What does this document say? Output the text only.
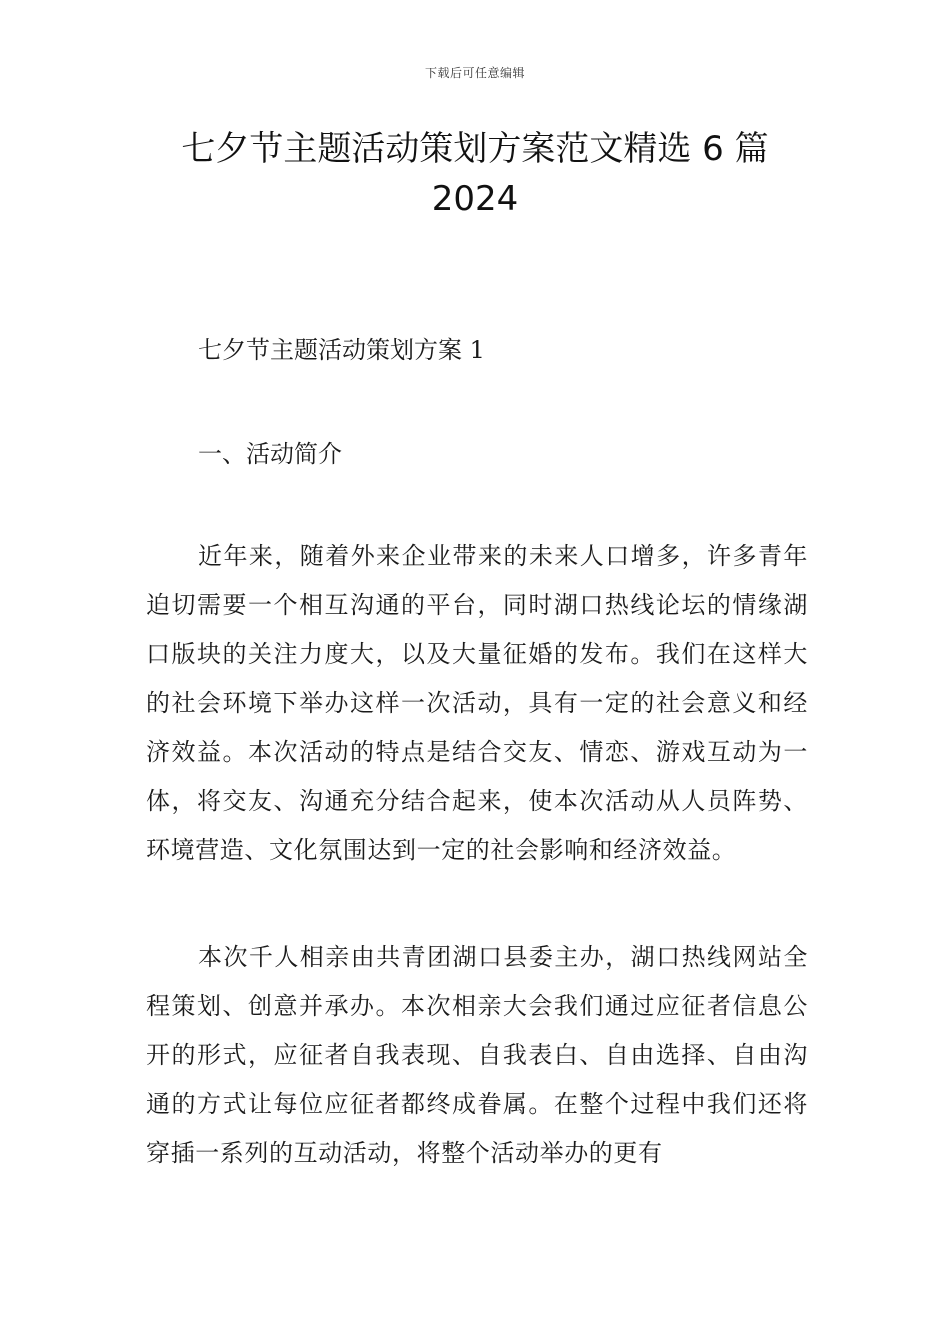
下载后可任意编辑
七夕节主题活动策划方案范文精选 6 篇
2024
七夕节主题活动策划方案 1
一、活动简介

近年来，随着外来企业带来的未来人口增多，许多青年迫切需要一个相互沟通的平台，同时湖口热线论坛的情缘湖口版块的关注力度大，以及大量征婚的发布。我们在这样大的社会环境下举办这样一次活动，具有一定的社会意义和经济效益。本次活动的特点是结合交友、情恋、游戏互动为一体，将交友、沟通充分结合起来，使本次活动从人员阵势、环境营造、文化氛围达到一定的社会影响和经济效益。

本次千人相亲由共青团湖口县委主办，湖口热线网站全程策划、创意并承办。本次相亲大会我们通过应征者信息公开的形式，应征者自我表现、自我表白、自由选择、自由沟通的方式让每位应征者都终成眷属。在整个过程中我们还将穿插一系列的互动活动，将整个活动举办的更有
